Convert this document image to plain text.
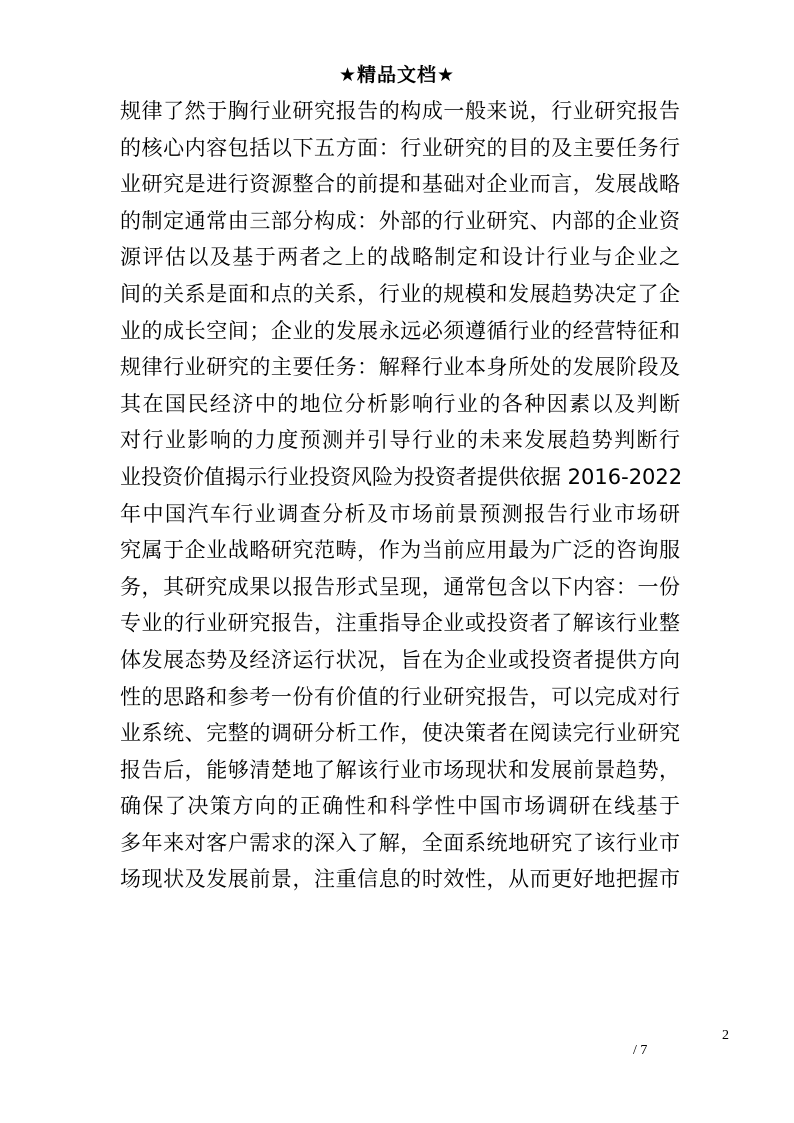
★精品文档★
规律了然于胸行业研究报告的构成一般来说，行业研究报告
的核心内容包括以下五方面：行业研究的目的及主要任务行
业研究是进行资源整合的前提和基础对企业而言，发展战略
的制定通常由三部分构成：外部的行业研究、内部的企业资
源评估以及基于两者之上的战略制定和设计行业与企业之
间的关系是面和点的关系，行业的规模和发展趋势决定了企
业的成长空间；企业的发展永远必须遵循行业的经营特征和
规律行业研究的主要任务：解释行业本身所处的发展阶段及
其在国民经济中的地位分析影响行业的各种因素以及判断
对行业影响的力度预测并引导行业的未来发展趋势判断行
业投资价值揭示行业投资风险为投资者提供依据 2016-2022
年中国汽车行业调查分析及市场前景预测报告行业市场研
究属于企业战略研究范畴，作为当前应用最为广泛的咨询服
务，其研究成果以报告形式呈现，通常包含以下内容：一份
专业的行业研究报告，注重指导企业或投资者了解该行业整
体发展态势及经济运行状况，旨在为企业或投资者提供方向
性的思路和参考一份有价值的行业研究报告，可以完成对行
业系统、完整的调研分析工作，使决策者在阅读完行业研究
报告后，能够清楚地了解该行业市场现状和发展前景趋势，
确保了决策方向的正确性和科学性中国市场调研在线基于
多年来对客户需求的深入了解，全面系统地研究了该行业市
场现状及发展前景，注重信息的时效性，从而更好地把握市
2
/ 7
